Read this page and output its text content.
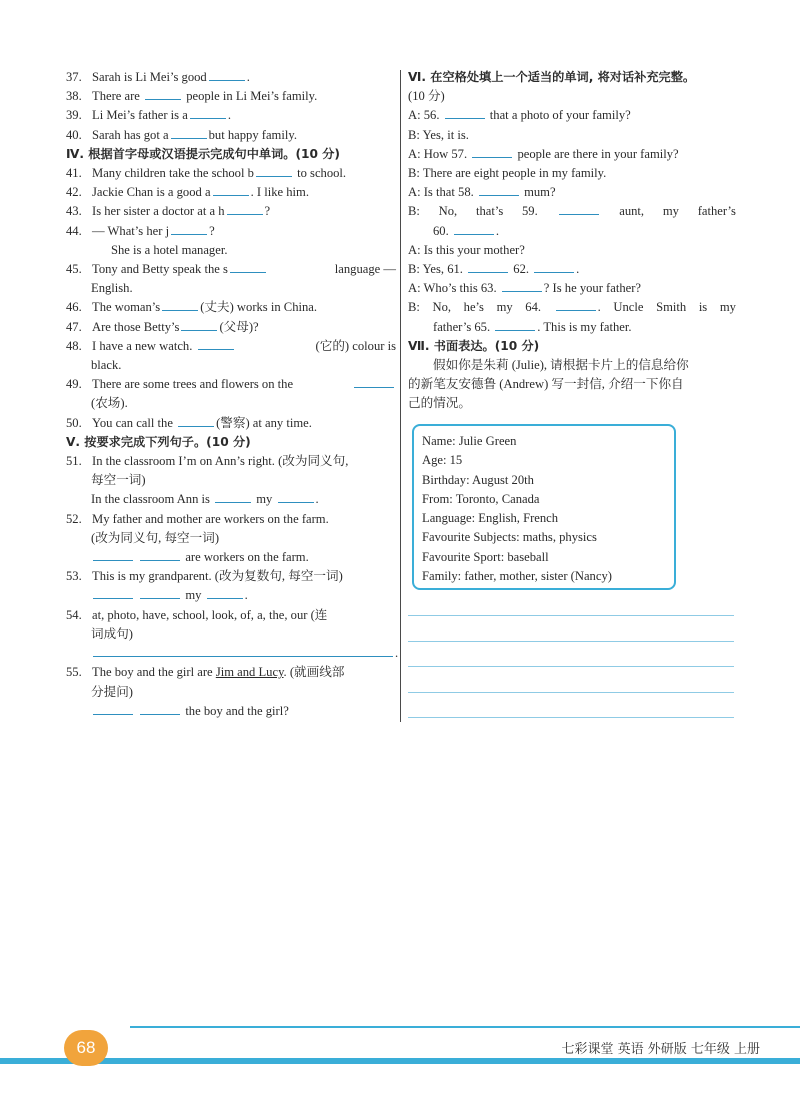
37. Sarah is Li Mei’s good	.
38. There are	people in Li Mei’s family.
39. Li Mei’s father is a	.
40. Sarah has got a	but happy family.
Ⅳ. 根据首字母或汉语提示完成句中单词。(10 分)
41. Many children take the school b	to school.
42. Jackie Chan is a good a	. I like him.
43. Is her sister a doctor at a h	?
44. — What’s her j	?
She is a hotel manager.
45. Tony and Betty speak the s	language —
English.
46. The woman’s	(丈夫) works in China.
47. Are those Betty’s	(父母)?
48. I have a new watch.	(它的) colour is
black.
49. There are some trees and flowers on the
(农场).
50. You can call the	(警察) at any time.
Ⅴ. 按要求完成下列句子。(10 分)
51. In the classroom I’m on Ann’s right. (改为同义句,
每空一词)
In the classroom Ann is	my	.
52. My father and mother are workers on the farm.
(改为同义句, 每空一词)
are workers on the farm.
53. This is my grandparent. (改为复数句, 每空一词)
my	.
54. at, photo, have, school, look, of, a, the, our (连
词成句)
.
55. The boy and the girl are Jim and Lucy. (就画线部
分提问)
the boy and the girl?
Ⅵ. 在空格处填上一个适当的单词, 将对话补充完整。
(10 分)
A: 56.	that a photo of your family?
B: Yes, it is.
A: How 57.	people are there in your family?
B: There are eight people in my family.
A: Is that 58.	mum?
B: No, that’s 59.	aunt, my father’s
60.	.
A: Is this your mother?
B: Yes, 61.	62.	.
A: Who’s this 63.	? Is he your father?
B: No, he’s my 64.	. Uncle Smith is my
father’s 65.	. This is my father.
Ⅶ. 书面表达。(10 分)
假如你是朱莉 (Julie), 请根据卡片上的信息给你
的新笔友安德鲁 (Andrew) 写一封信, 介绍一下你自
己的情况。
Name: Julie Green
Age: 15
Birthday: August 20th
From: Toronto, Canada
Language: English, French
Favourite Subjects: maths, physics
Favourite Sport: baseball
Family: father, mother, sister (Nancy)
68	七彩课堂 英语 外研版 七年级 上册
